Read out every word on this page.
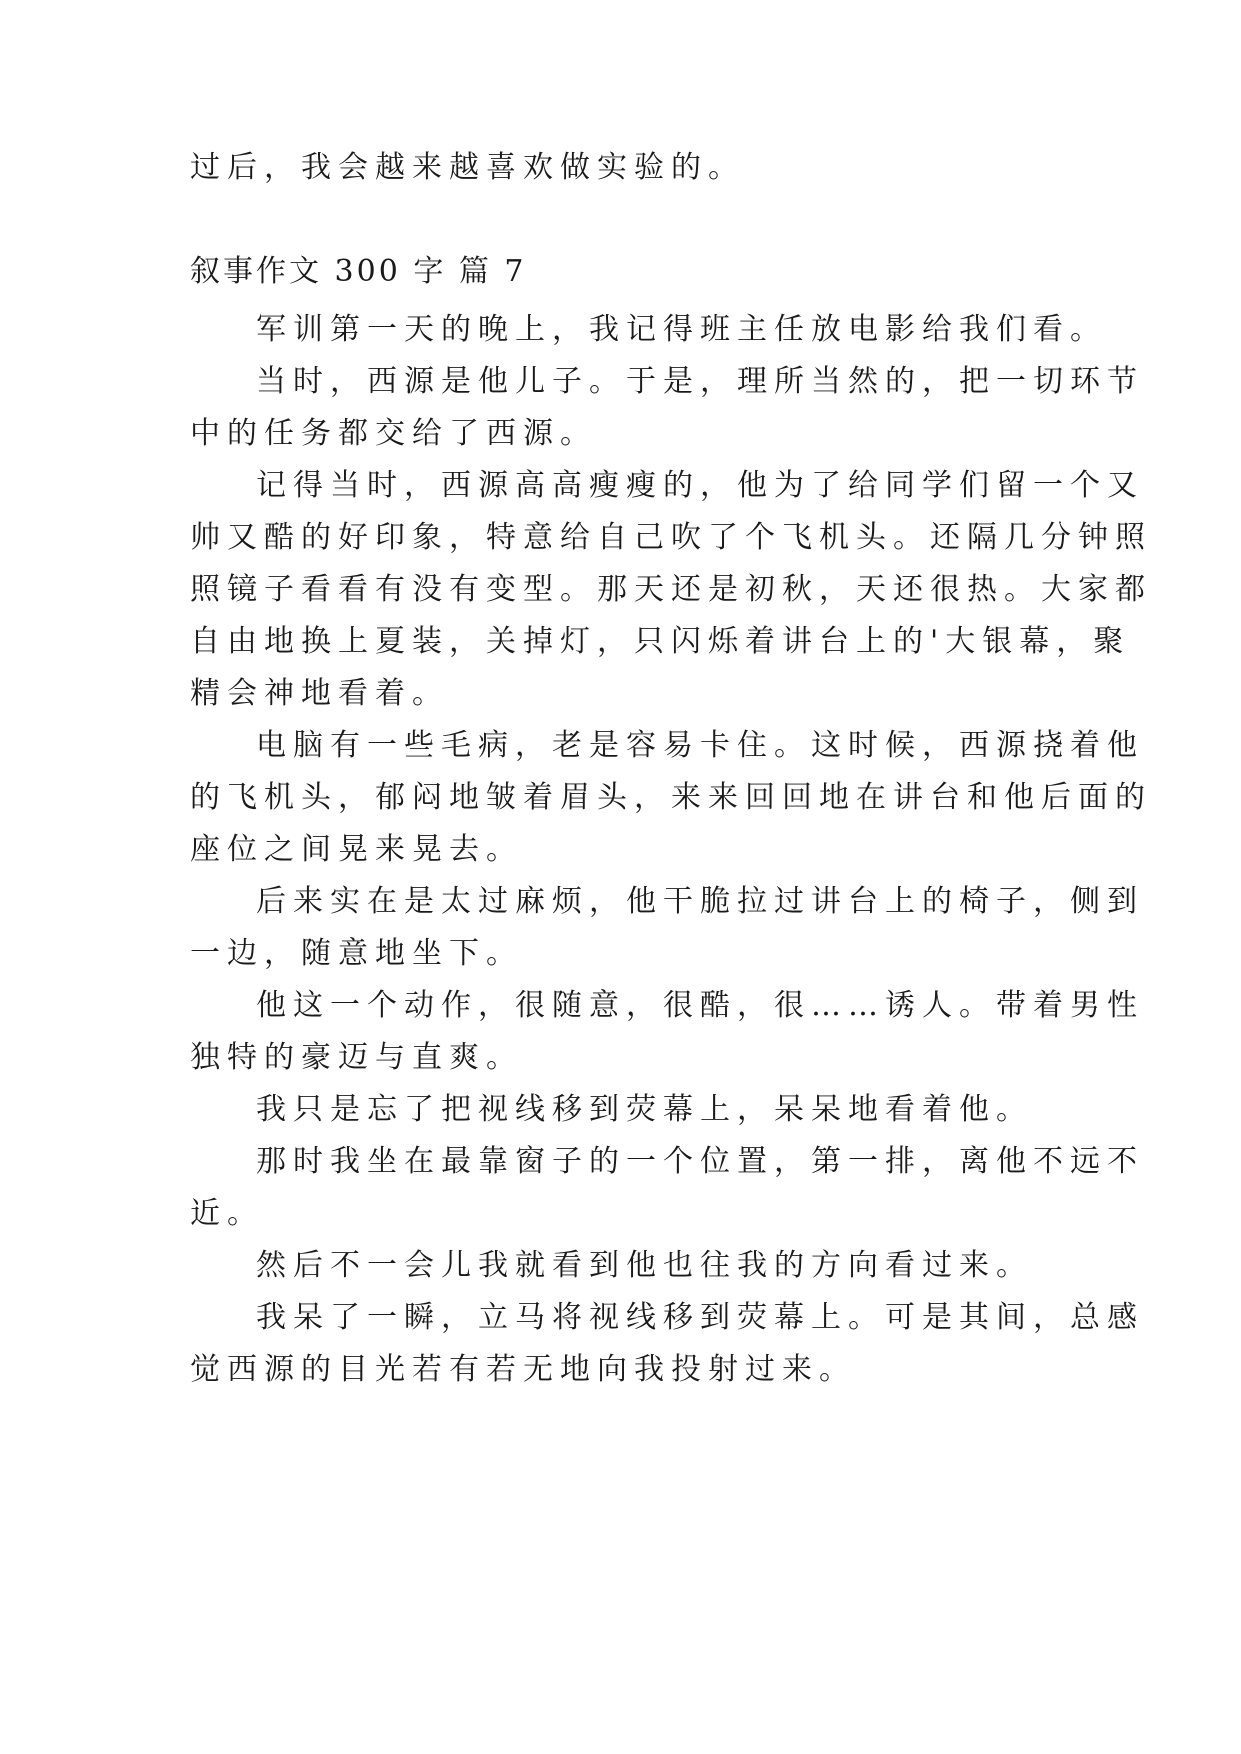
过后，我会越来越喜欢做实验的。
叙事作文 300 字 篇 7
军训第一天的晚上，我记得班主任放电影给我们看。
当时，西源是他儿子。于是，理所当然的，把一切环节
中的任务都交给了西源。
记得当时，西源高高瘦瘦的，他为了给同学们留一个又
帅又酷的好印象，特意给自己吹了个飞机头。还隔几分钟照
照镜子看看有没有变型。那天还是初秋，天还很热。大家都
自由地换上夏装，关掉灯，只闪烁着讲台上的'大银幕，聚
精会神地看着。
电脑有一些毛病，老是容易卡住。这时候，西源挠着他
的飞机头，郁闷地皱着眉头，来来回回地在讲台和他后面的
座位之间晃来晃去。
后来实在是太过麻烦，他干脆拉过讲台上的椅子，侧到
一边，随意地坐下。
他这一个动作，很随意，很酷，很……诱人。带着男性
独特的豪迈与直爽。
我只是忘了把视线移到荧幕上，呆呆地看着他。
那时我坐在最靠窗子的一个位置，第一排，离他不远不
近。
然后不一会儿我就看到他也往我的方向看过来。
我呆了一瞬，立马将视线移到荧幕上。可是其间，总感
觉西源的目光若有若无地向我投射过来。
